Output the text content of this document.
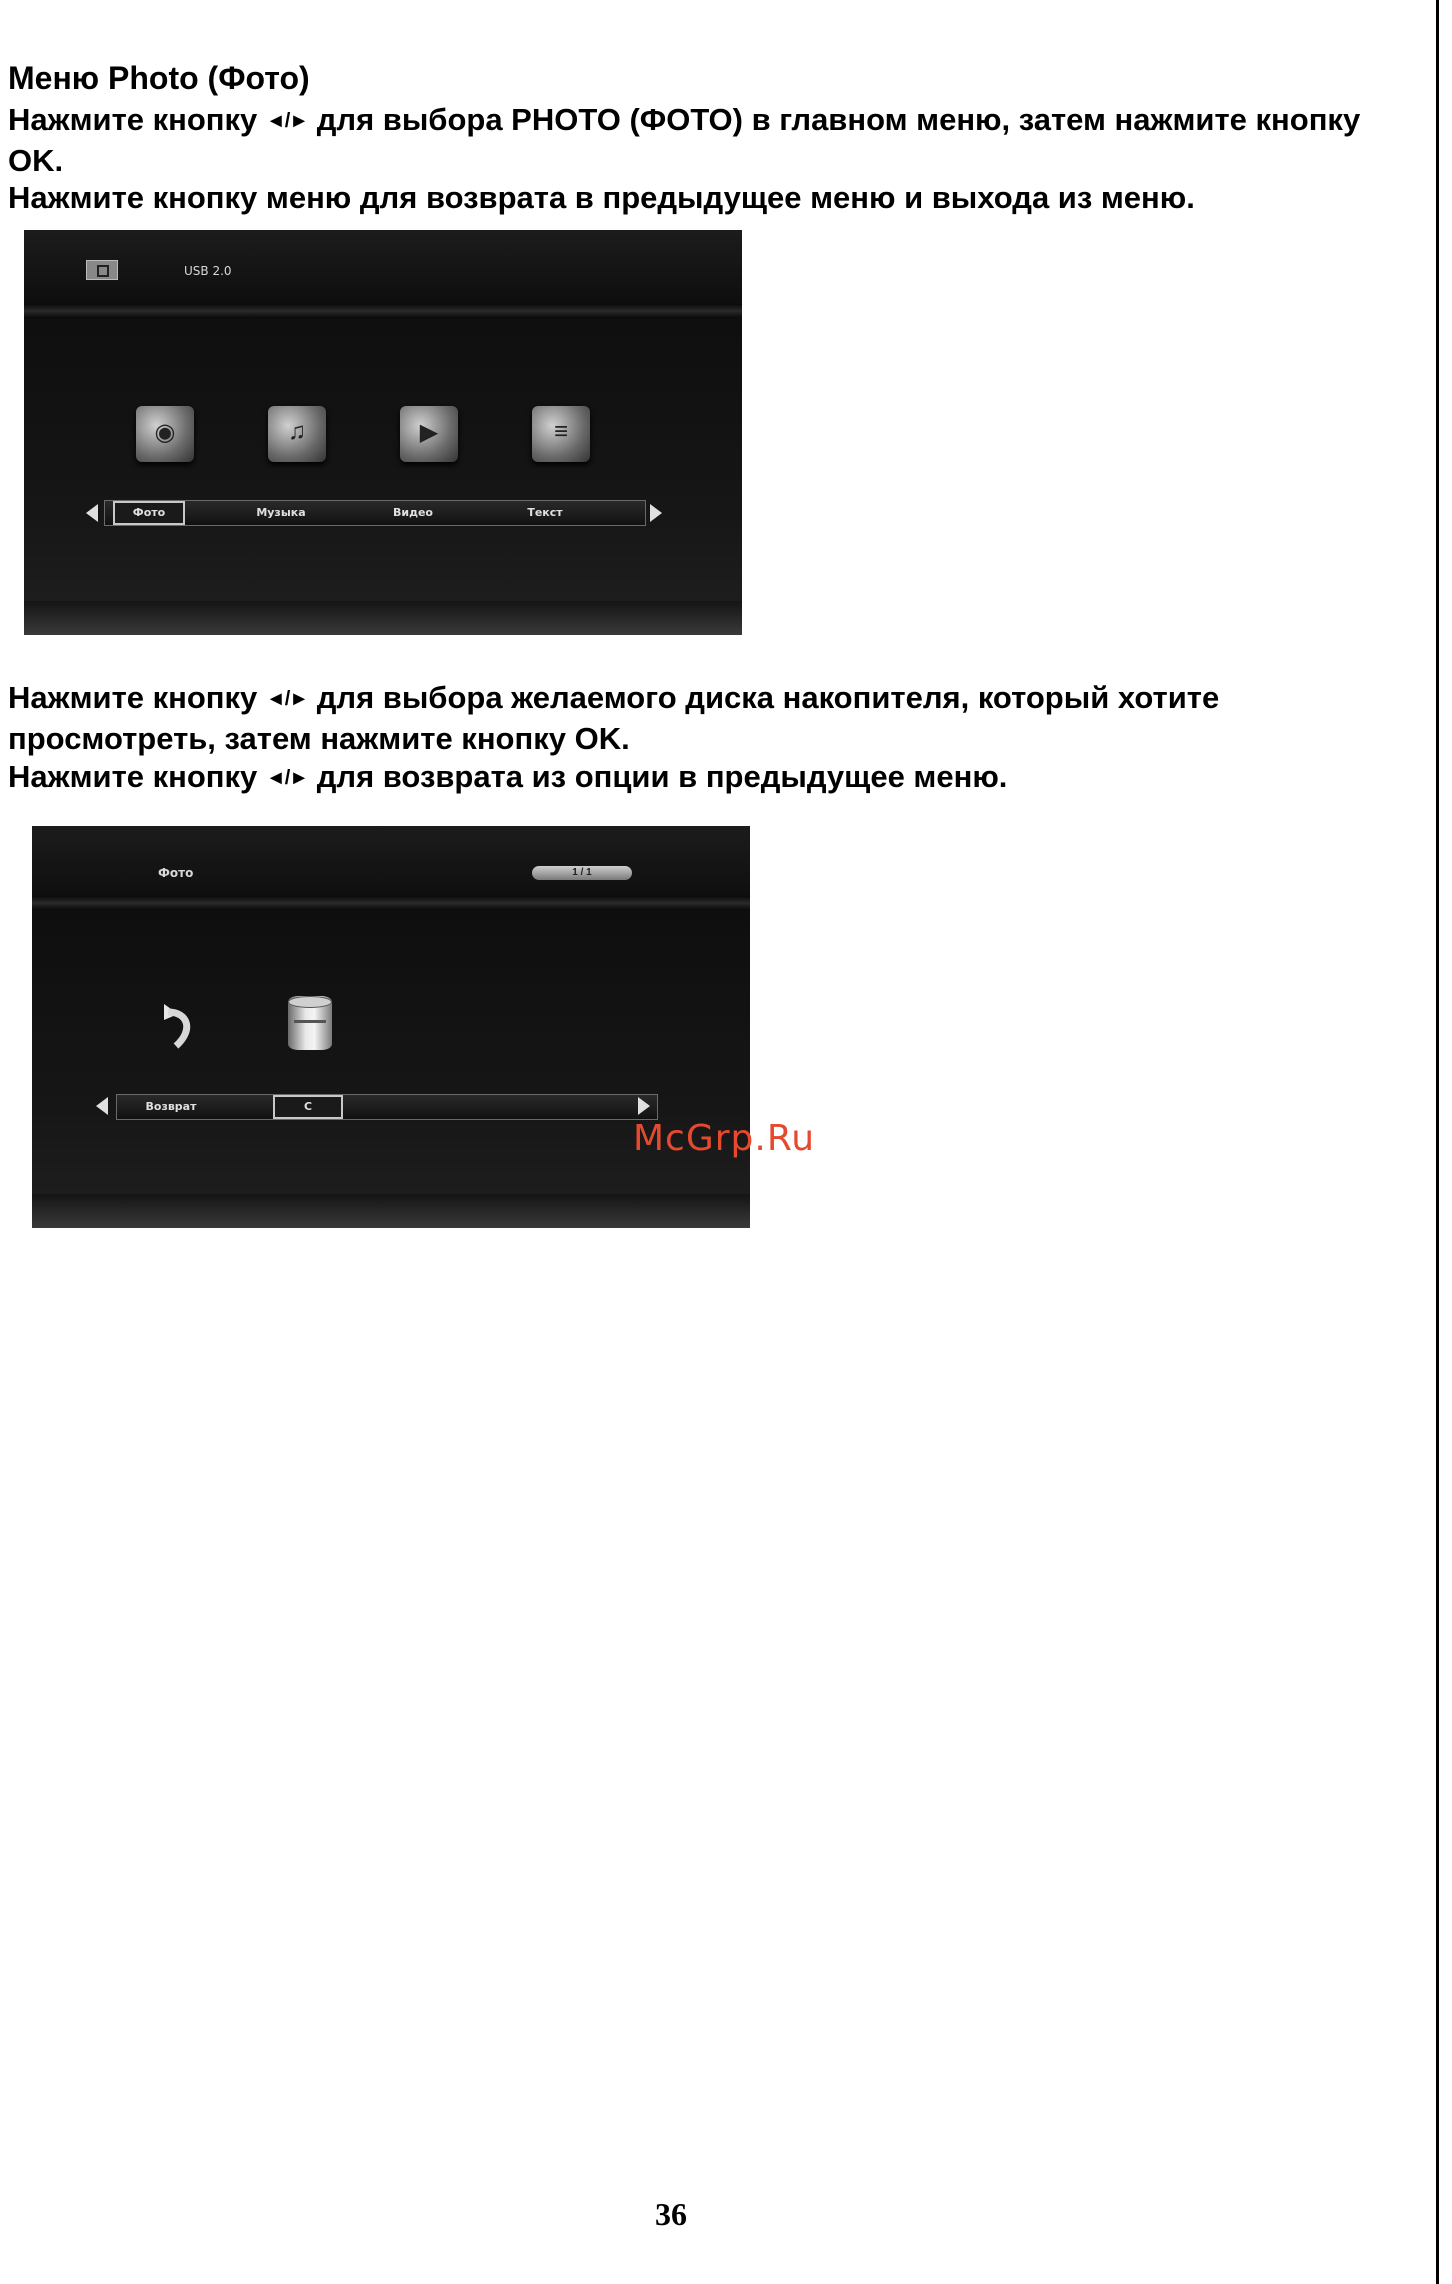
Меню Photo (Фото)

Нажмите кнопку ◄/► для выбора PHOTO (ФОТО) в главном меню, затем нажмите кнопку OK.

Нажмите кнопку меню для возврата в предыдущее меню и выхода из меню.

USB 2.0
◉	♫	▶	≡
Фото	Музыка	Видео	Текст

Нажмите кнопку ◄/► для выбора желаемого диска накопителя, который хотите просмотреть, затем нажмите кнопку OK.

Нажмите кнопку ◄/► для возврата из опции в предыдущее меню.

Фото	1 / 1
Возврат	C
McGrp.Ru
36
